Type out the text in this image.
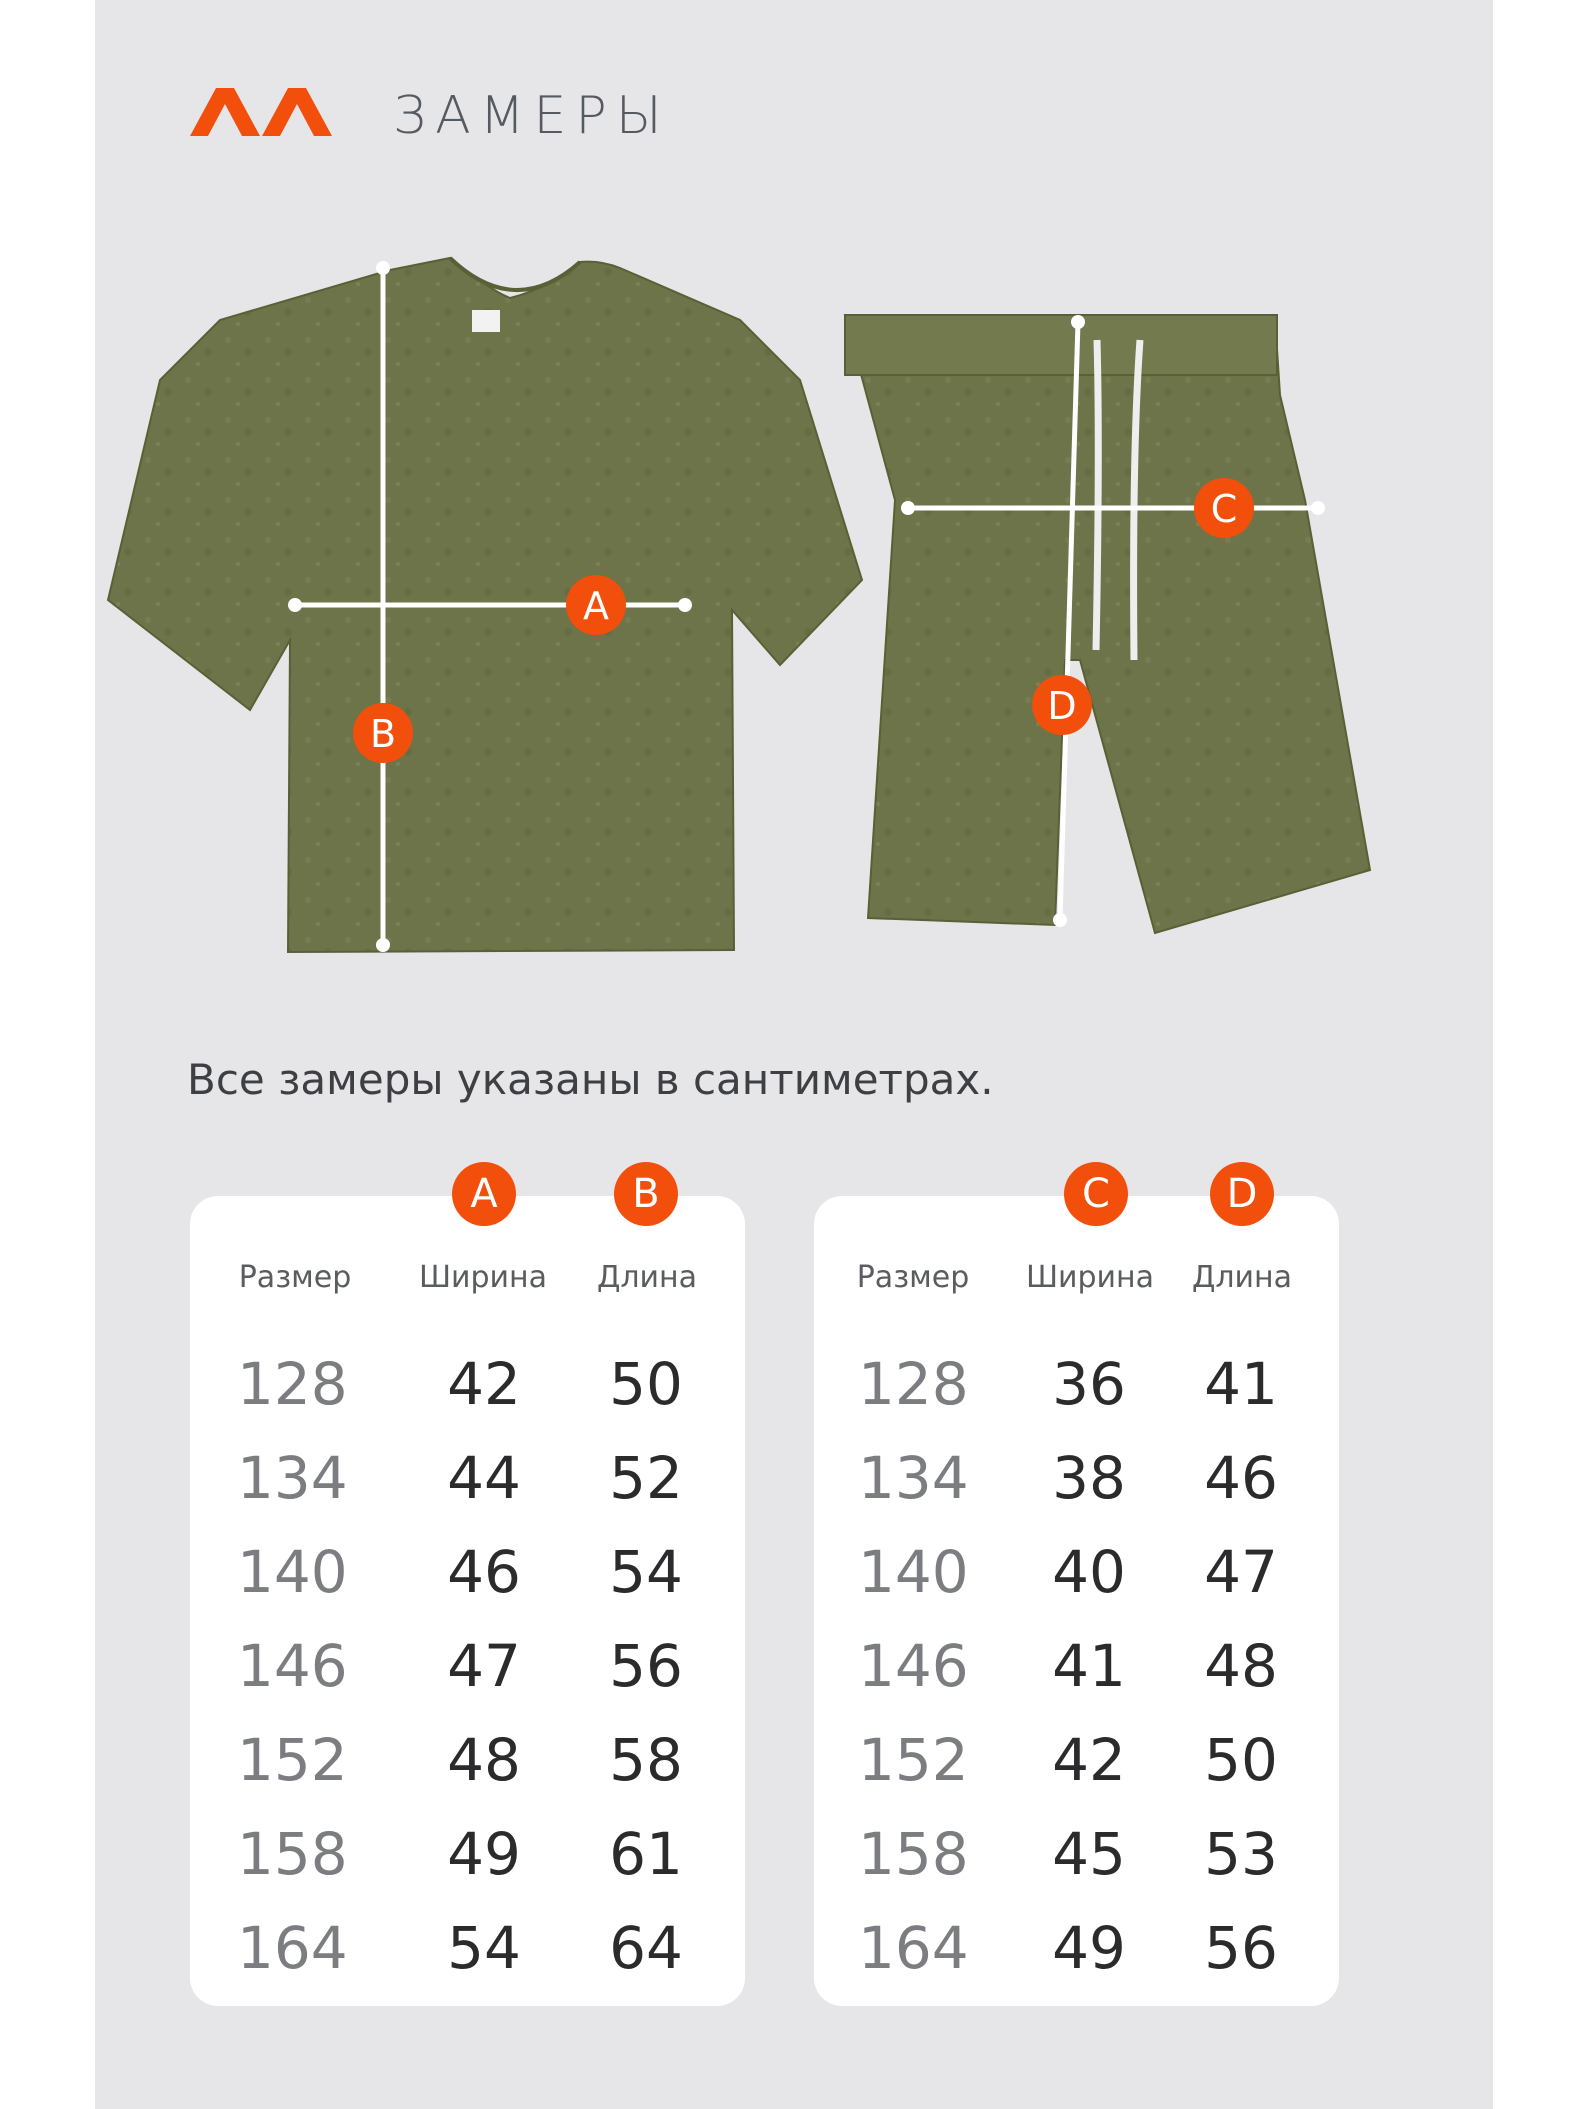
ЗАМЕРЫ
A
B
C
D
Все замеры указаны в сантиметрах.
A	B
Размер	Ширина	Длина
128	42	50
134	44	52
140	46	54
146	47	56
152	48	58
158	49	61
164	54	64
C	D
Размер	Ширина	Длина
128	36	41
134	38	46
140	40	47
146	41	48
152	42	50
158	45	53
164	49	56
